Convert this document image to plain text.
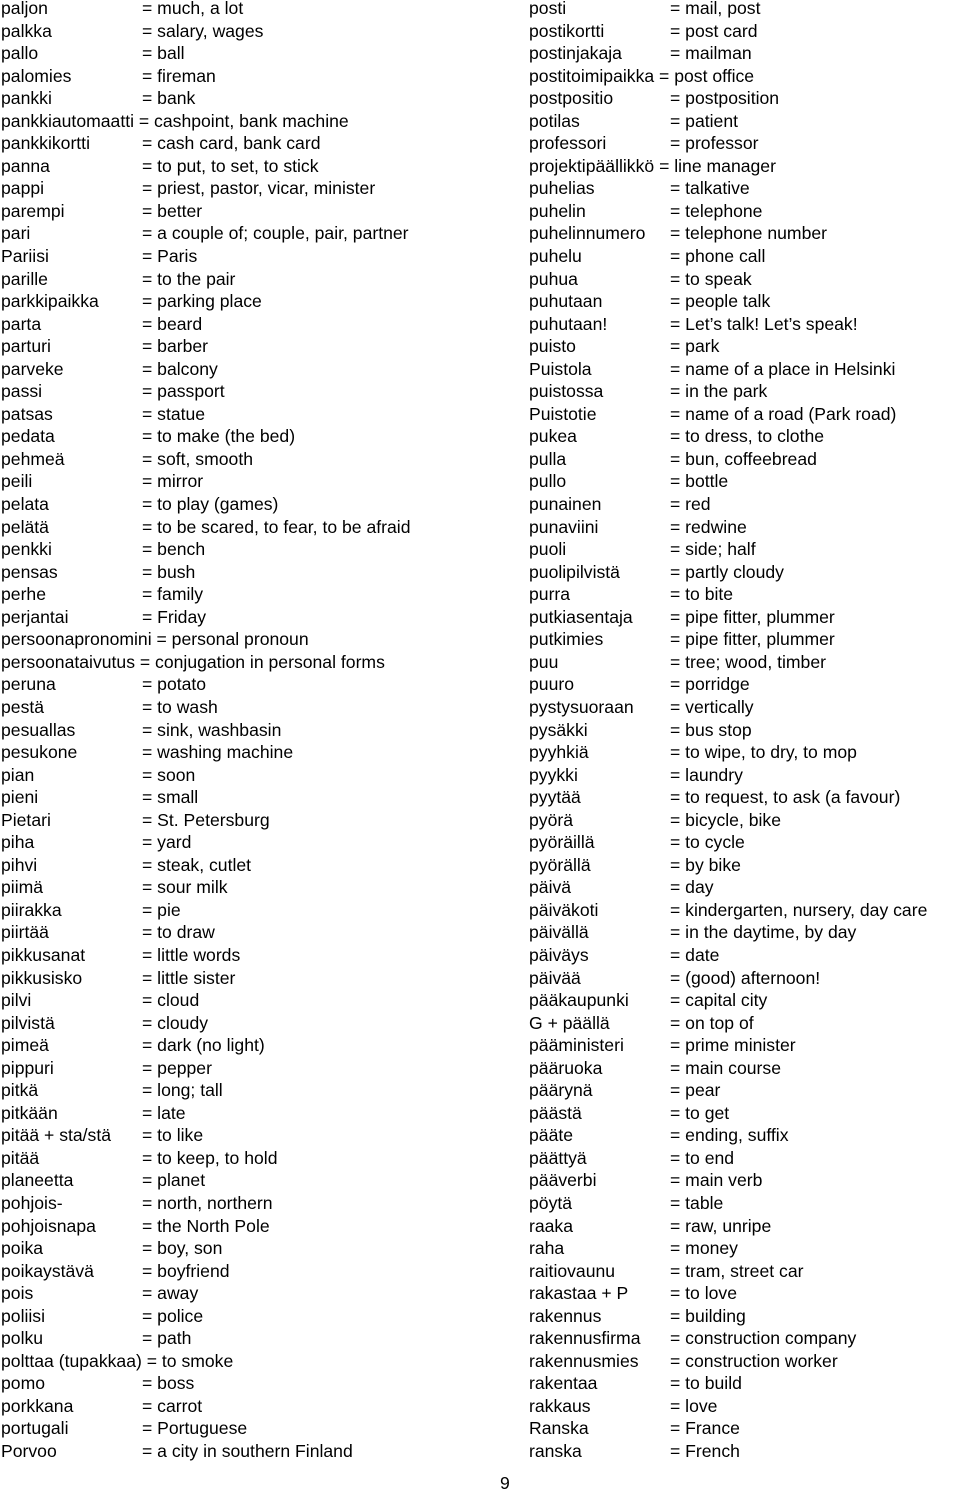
paljon	= much, a lot
palkka	= salary, wages
pallo	= ball
palomies	= fireman
pankki	= bank
pankkiautomaatti = cashpoint, bank machine
pankkikortti	= cash card, bank card
panna	= to put, to set, to stick
pappi	= priest, pastor, vicar, minister
parempi	= better
pari	= a couple of; couple, pair, partner
Pariisi	= Paris
parille	= to the pair
parkkipaikka = parking place
parta	= beard
parturi	= barber
parveke	= balcony
passi	= passport
patsas	= statue
pedata	= to make (the bed)
pehmeä	= soft, smooth
peili	= mirror
pelata	= to play (games)
pelätä	= to be scared, to fear, to be afraid
penkki	= bench
pensas	= bush
perhe	= family
perjantai	= Friday
persoonapronomini = personal pronoun
persoonataivutus = conjugation in personal forms
peruna	= potato
pestä	= to wash
pesuallas	= sink, washbasin
pesukone	= washing machine
pian	= soon
pieni	= small
Pietari	= St. Petersburg
piha	= yard
pihvi	= steak, cutlet
piimä	= sour milk
piirakka	= pie
piirtää	= to draw
pikkusanat	= little words
pikkusisko	= little sister
pilvi	= cloud
pilvistä	= cloudy
pimeä	= dark (no light)
pippuri	= pepper
pitkä	= long; tall
pitkään	= late
pitää + sta/stä = to like
pitää	= to keep, to hold
planeetta	= planet
pohjois-	= north, northern
pohjoisnapa	= the North Pole
poika	= boy, son
poikaystävä	= boyfriend
pois	= away
poliisi	= police
polku	= path
polttaa (tupakkaa) = to smoke
pomo	= boss
porkkana	= carrot
portugali	= Portuguese
Porvoo	= a city in southern Finland
posti	= mail, post
postikortti	= post card
postinjakaja	= mailman
postitoimipaikka = post office
postpositio	= postposition
potilas	= patient
professori	= professor
projektipäällikkö = line manager
puhelias	= talkative
puhelin	= telephone
puhelinnumero = telephone number
puhelu	= phone call
puhua	= to speak
puhutaan	= people talk
puhutaan!	= Let’s talk! Let’s speak!
puisto	= park
Puistola	= name of a place in Helsinki
puistossa	= in the park
Puistotie	= name of a road (Park road)
pukea	= to dress, to clothe
pulla	= bun, coffeebread
pullo	= bottle
punainen	= red
punaviini	= redwine
puoli	= side; half
puolipilvistä	= partly cloudy
purra	= to bite
putkiasentaja = pipe fitter, plummer
putkimies	= pipe fitter, plummer
puu	= tree; wood, timber
puuro	= porridge
pystysuoraan = vertically
pysäkki	= bus stop
pyyhkiä	= to wipe, to dry, to mop
pyykki	= laundry
pyytää	= to request, to ask (a favour)
pyörä	= bicycle, bike
pyöräillä	= to cycle
pyörällä	= by bike
päivä	= day
päiväkoti	= kindergarten, nursery, day care
päivällä	= in the daytime, by day
päiväys	= date
päivää	= (good) afternoon!
pääkaupunki = capital city
G + päällä	= on top of
pääministeri	= prime minister
pääruoka	= main course
päärynä	= pear
päästä	= to get
pääte	= ending, suffix
päättyä	= to end
pääverbi	= main verb
pöytä	= table
raaka	= raw, unripe
raha	= money
raitiovaunu	= tram, street car
rakastaa + P = to love
rakennus	= building
rakennusfirma = construction company
rakennusmies = construction worker
rakentaa	= to build
rakkaus	= love
Ranska	= France
ranska	= French
9
